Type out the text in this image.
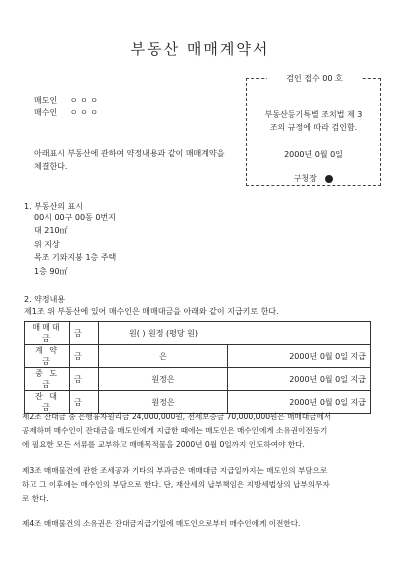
부동산 매매계약서
매도인 ㅇ ㅇ ㅇ
매수인 ㅇ ㅇ ㅇ
아래표시 부동산에 관하여 약정내용과 같이 매매계약을
체결한다.
검인 접수 00 호
부동산등기특별 조치법 제 3
조의 규정에 따라 검인함.
2000년 0월 0일
구청장
1. 부동산의 표시
00시 00구 00동 0번지
대 210㎡
위 지상
목조 기와지붕 1층 주택
1층 90㎡
2. 약정내용
제1조 위 부동산에 있어 매수인은 매매대금을 아래와 같이 지급키로 한다.
매매대금	금	원( ) 원정 (평당 원)	
계 약 금	금	은	2000년 0월 0일 지급
중 도 금	금	원정은	2000년 0월 0일 지급
잔 대 금	금	원정은	2000년 0월 0일 지급
제2조 잔대금 중 은행융자원리금 24,000,000원, 전세보증금 70,000,000원은 매매대금에서
공제하며 매수인이 잔대금을 매도인에게 지급한 때에는 매도인은 매수인에게 소유권이전등기
에 필요한 모든 서류를 교부하고 매매목적물을 2000년 0월 0일까지 인도하여야 한다.
제3조 매매물건에 관한 조세공과 기타의 부과금은 매매대금 지급일까지는 매도인의 부담으로
하고 그 이후에는 매수인의 부담으로 한다. 단, 재산세의 납부책임은 지방세법상의 납부의무자
로 한다.
제4조 매매물건의 소유권은 잔대금지급기일에 매도인으로부터 매수인에게 이전한다.
